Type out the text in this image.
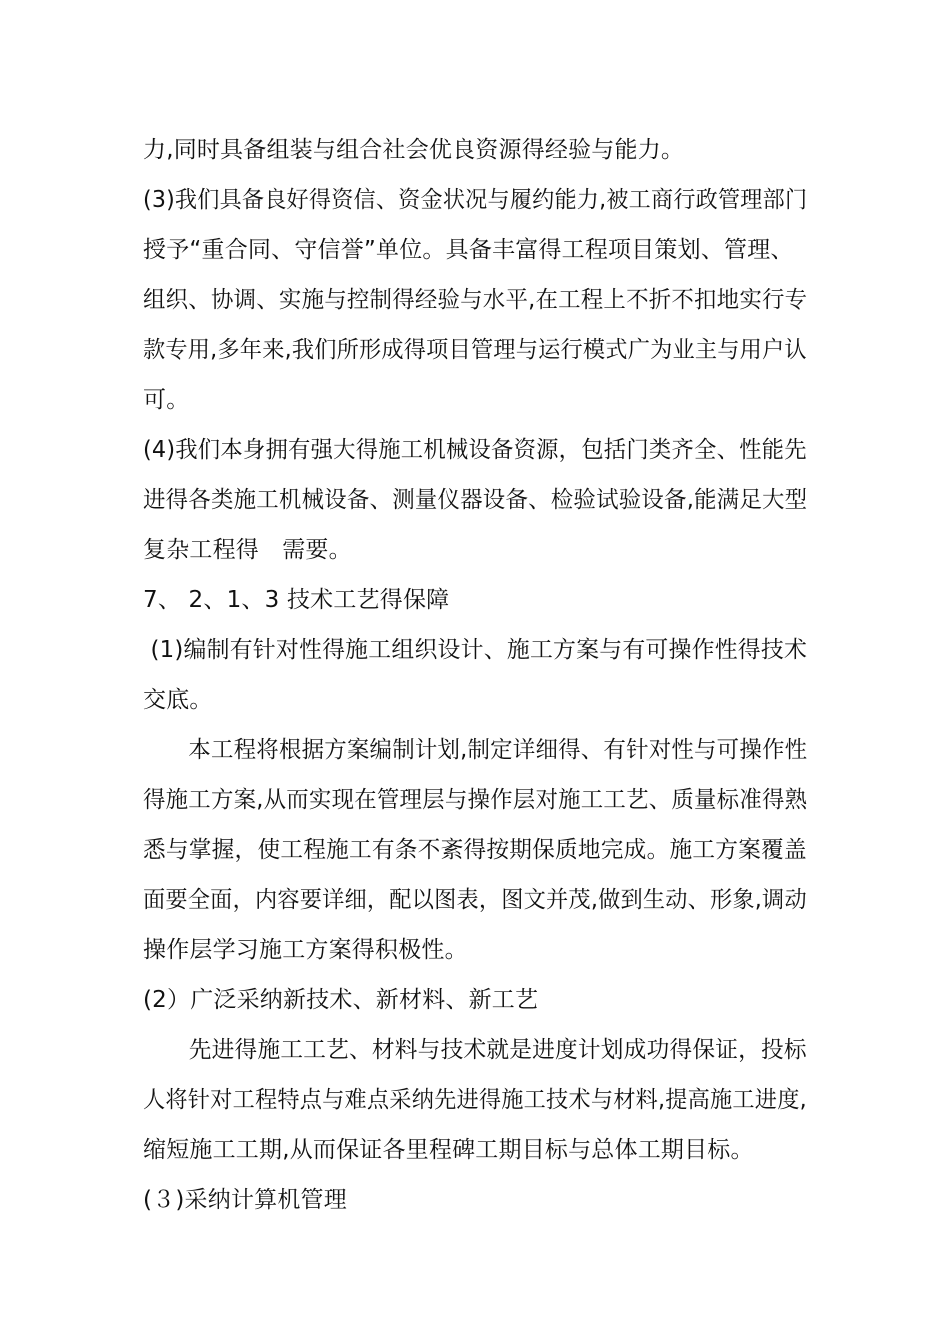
力,同时具备组装与组合社会优良资源得经验与能力。
(3)我们具备良好得资信、资金状况与履约能力,被工商行政管理部门
授予“重合同、守信誉”单位。具备丰富得工程项目策划、管理、
组织、协调、实施与控制得经验与水平,在工程上不折不扣地实行专
款专用,多年来,我们所形成得项目管理与运行模式广为业主与用户认
可。
(4)我们本身拥有强大得施工机械设备资源，包括门类齐全、性能先
进得各类施工机械设备、测量仪器设备、检验试验设备,能满足大型
复杂工程得　需要。
7、 2、1、3 技术工艺得保障
(1)编制有针对性得施工组织设计、施工方案与有可操作性得技术
交底。
　　本工程将根据方案编制计划,制定详细得、有针对性与可操作性
得施工方案,从而实现在管理层与操作层对施工工艺、质量标准得熟
悉与掌握，使工程施工有条不紊得按期保质地完成。施工方案覆盖
面要全面，内容要详细，配以图表，图文并茂,做到生动、形象,调动
操作层学习施工方案得积极性。
(2）广泛采纳新技术、新材料、新工艺
　　先进得施工工艺、材料与技术就是进度计划成功得保证，投标
人将针对工程特点与难点采纳先进得施工技术与材料,提高施工进度,
缩短施工工期,从而保证各里程碑工期目标与总体工期目标。
(３)采纳计算机管理
